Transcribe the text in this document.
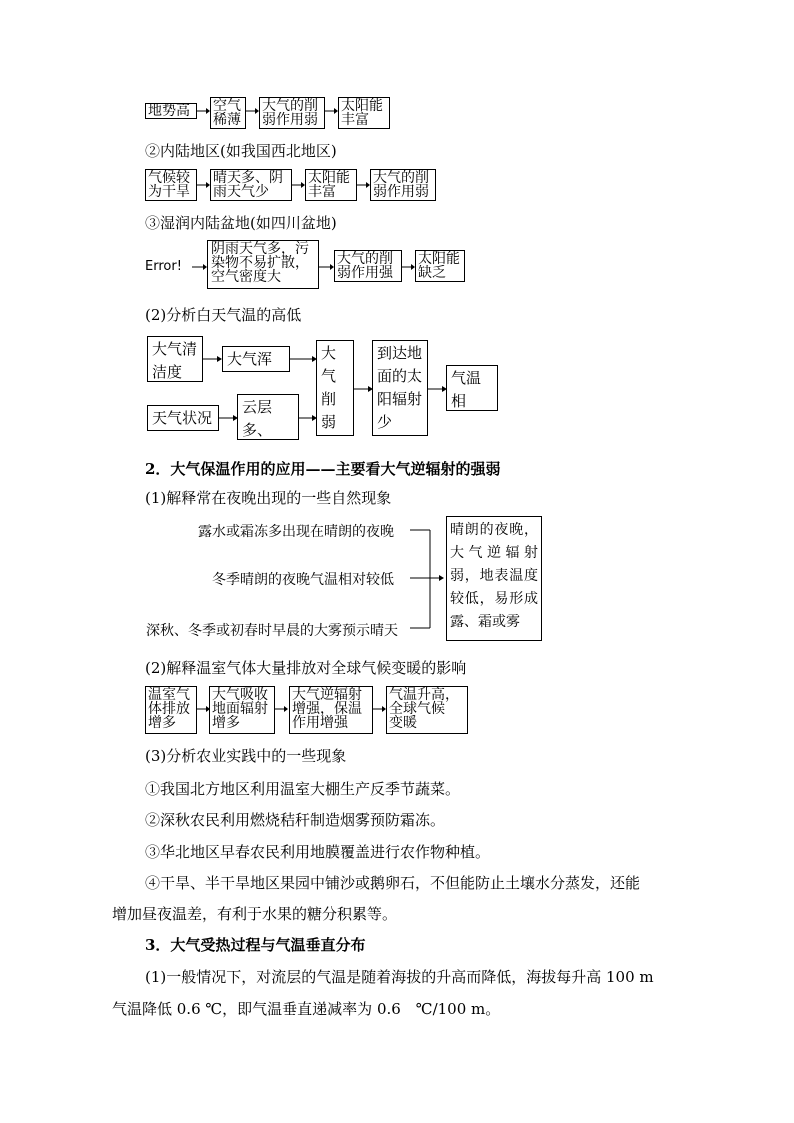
地势高	空气
稀薄
大气的削
弱作用弱
太阳能
丰富
②内陆地区(如我国西北地区)
气候较
为干旱
晴天多、阴
雨天气少
太阳能
丰富
大气的削
弱作用弱
③湿润内陆盆地(如四川盆地)
Error!
阴雨天气多，污
染物不易扩散，
空气密度大
大气的削
弱作用强
太阳能
缺乏
(2)分析白天气温的高低
大气清
洁度
大气浑
天气状况
云层多、
大气
削弱
到达地
面的太
阳辐射
少
气温相
2．大气保温作用的应用——主要看大气逆辐射的强弱
(1)解释常在夜晚出现的一些自然现象
露水或霜冻多出现在晴朗的夜晚
冬季晴朗的夜晚气温相对较低
深秋、冬季或初春时早晨的大雾预示晴天
晴朗的夜晚，大气逆辐射弱，地表温度较低，易形成露、霜或雾
(2)解释温室气体大量排放对全球气候变暖的影响
温室气
体排放
增多
大气吸收
地面辐射
增多
大气逆辐射
增强，保温
作用增强
气温升高，
全球气候
变暖
(3)分析农业实践中的一些现象
①我国北方地区利用温室大棚生产反季节蔬菜。
②深秋农民利用燃烧秸秆制造烟雾预防霜冻。
③华北地区早春农民利用地膜覆盖进行农作物种植。
④干旱、半干旱地区果园中铺沙或鹅卵石，不但能防止土壤水分蒸发，还能
增加昼夜温差，有利于水果的糖分积累等。
3．大气受热过程与气温垂直分布
(1)一般情况下，对流层的气温是随着海拔的升高而降低，海拔每升高 100 m
气温降低 0.6 ℃，即气温垂直递减率为 0.6　℃/100 m。
